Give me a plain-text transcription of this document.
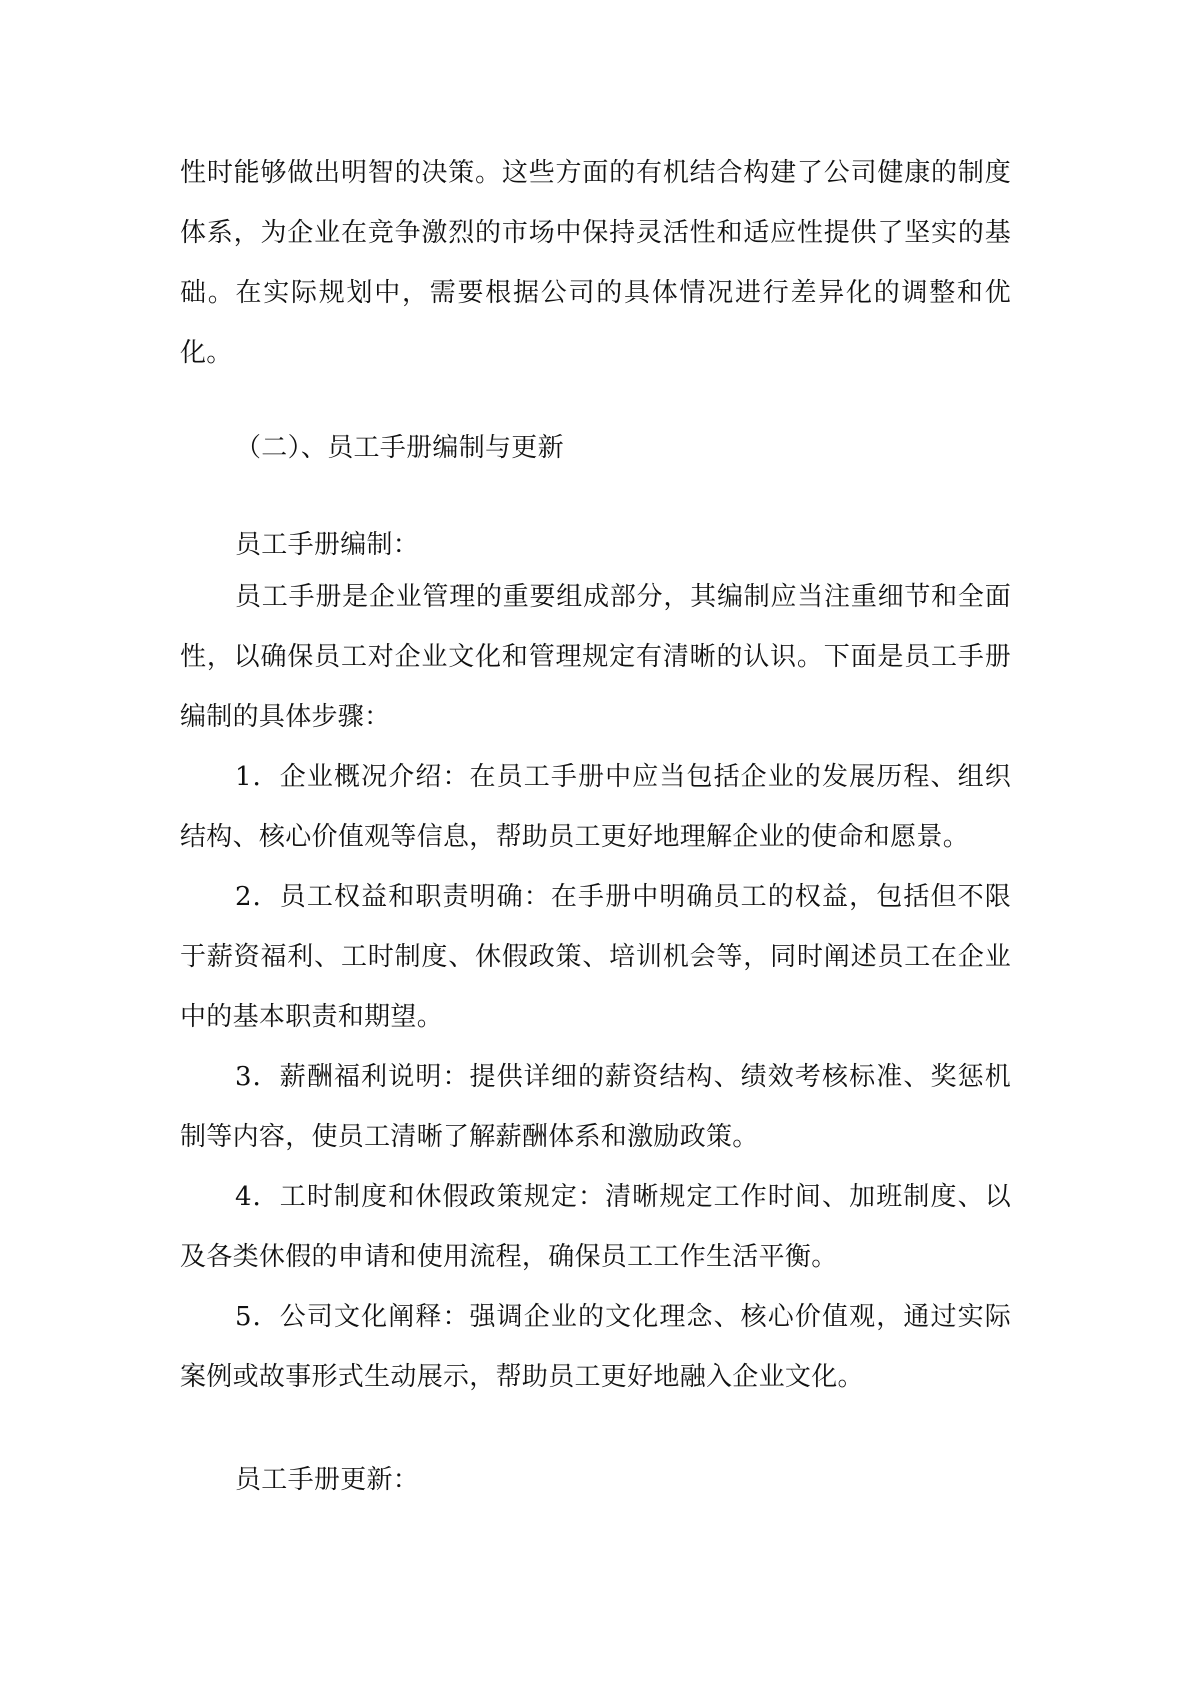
性时能够做出明智的决策。这些方面的有机结合构建了公司健康的制度体系，为企业在竞争激烈的市场中保持灵活性和适应性提供了坚实的基础。在实际规划中，需要根据公司的具体情况进行差异化的调整和优化。

（二）、员工手册编制与更新

员工手册编制：

员工手册是企业管理的重要组成部分，其编制应当注重细节和全面性，以确保员工对企业文化和管理规定有清晰的认识。下面是员工手册编制的具体步骤：

1．企业概况介绍：在员工手册中应当包括企业的发展历程、组织结构、核心价值观等信息，帮助员工更好地理解企业的使命和愿景。

2．员工权益和职责明确：在手册中明确员工的权益，包括但不限于薪资福利、工时制度、休假政策、培训机会等，同时阐述员工在企业中的基本职责和期望。

3．薪酬福利说明：提供详细的薪资结构、绩效考核标准、奖惩机制等内容，使员工清晰了解薪酬体系和激励政策。

4．工时制度和休假政策规定：清晰规定工作时间、加班制度、以及各类休假的申请和使用流程，确保员工工作生活平衡。

5．公司文化阐释：强调企业的文化理念、核心价值观，通过实际案例或故事形式生动展示，帮助员工更好地融入企业文化。

员工手册更新：
